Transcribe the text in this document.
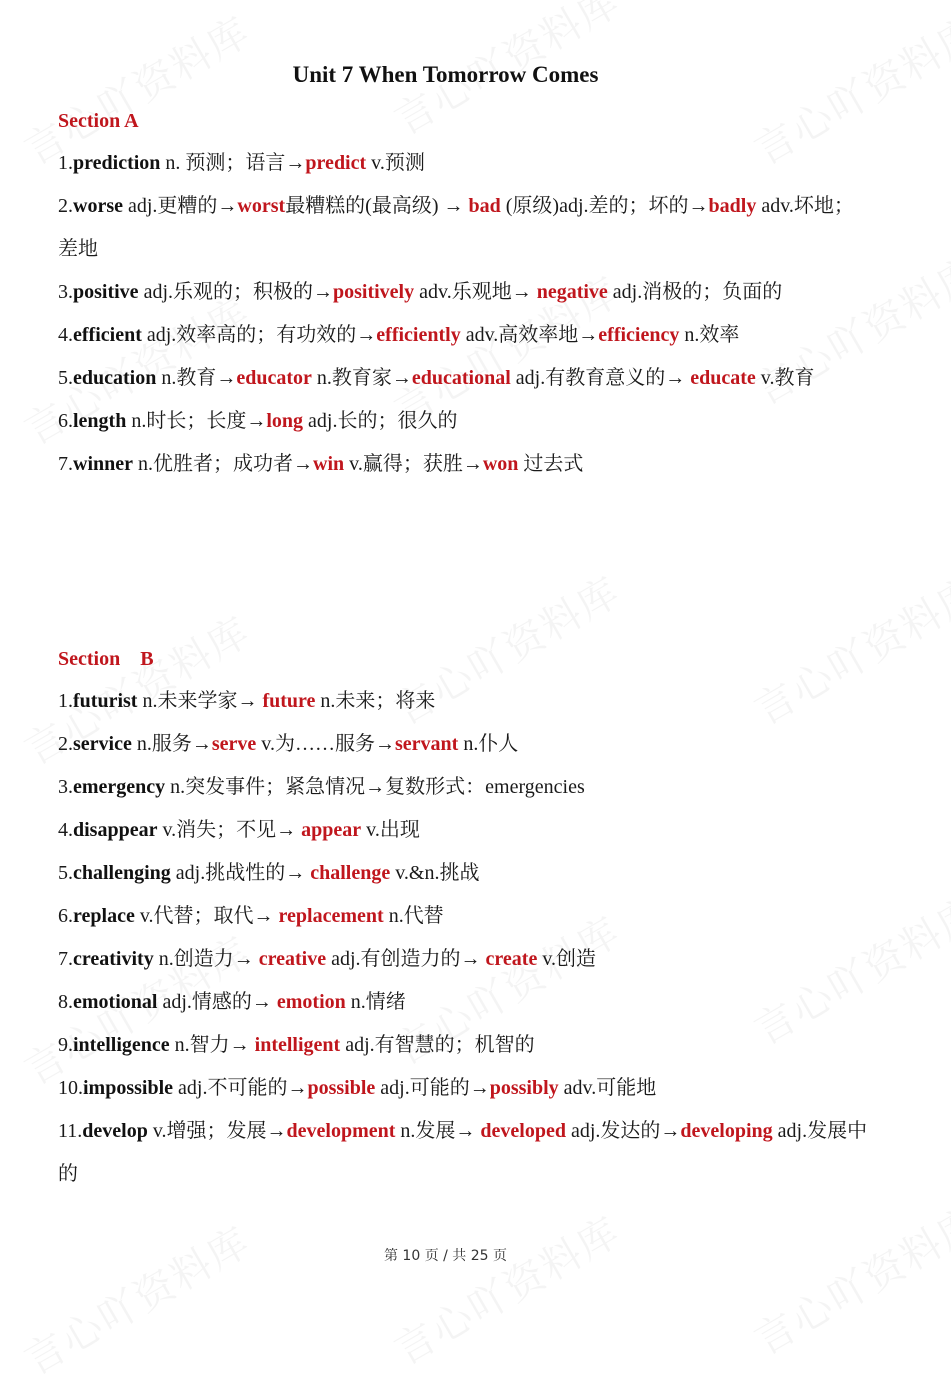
Unit 7 When Tomorrow Comes
Section A
1.prediction n. 预测；语言→predict v.预测
2.worse adj.更糟的→worst最糟糕的(最高级) → bad (原级)adj.差的；坏的→badly adv.坏地；差地
3.positive adj.乐观的；积极的→positively adv.乐观地→ negative adj.消极的；负面的
4.efficient adj.效率高的；有功效的→efficiently adv.高效率地→efficiency n.效率
5.education n.教育→educator n.教育家→educational adj.有教育意义的→ educate v.教育
6.length n.时长；长度→long adj.长的；很久的
7.winner n.优胜者；成功者→win v.赢得；获胜→won 过去式
Section    B
1.futurist n.未来学家→ future n.未来；将来
2.service n.服务→serve v.为……服务→servant n.仆人
3.emergency n.突发事件；紧急情况→复数形式：emergencies
4.disappear v.消失；不见→ appear v.出现
5.challenging adj.挑战性的→ challenge v.&n.挑战
6.replace v.代替；取代→ replacement n.代替
7.creativity n.创造力→ creative adj.有创造力的→ create v.创造
8.emotional adj.情感的→ emotion n.情绪
9.intelligence n.智力→ intelligent adj.有智慧的；机智的
10.impossible adj.不可能的→possible adj.可能的→possibly adv.可能地
11.develop v.增强；发展→development n.发展→ developed adj.发达的→developing adj.发展中的
第 10 页 / 共 25 页
